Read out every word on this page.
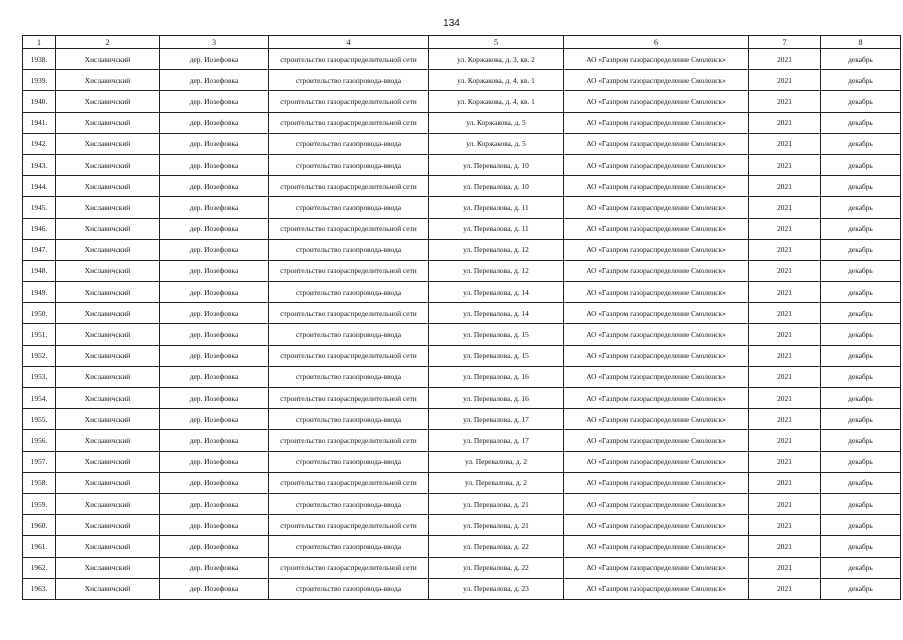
134
1	2	3	4	5	6	7	8
1938.	Хиславичский	дер. Иозефовка	строительство газораспределительной сети	ул. Коржакова, д. 3, кв. 2	АО «Газпром газораспределение Смоленск»	2021	декабрь
1939.	Хиславичский	дер. Иозефовка	строительство газопровода-ввода	ул. Коржакова, д. 4, кв. 1	АО «Газпром газораспределение Смоленск»	2021	декабрь
1940.	Хиславичский	дер. Иозефовка	строительство газораспределительной сети	ул. Коржакова, д. 4, кв. 1	АО «Газпром газораспределение Смоленск»	2021	декабрь
1941.	Хиславичский	дер. Иозефовка	строительство газораспределительной сети	ул. Коржакова, д. 5	АО «Газпром газораспределение Смоленск»	2021	декабрь
1942.	Хиславичский	дер. Иозефовка	строительство газопровода-ввода	ул. Коржакова, д. 5	АО «Газпром газораспределение Смоленск»	2021	декабрь
1943.	Хиславичский	дер. Иозефовка	строительство газопровода-ввода	ул. Перевалова, д. 10	АО «Газпром газораспределение Смоленск»	2021	декабрь
1944.	Хиславичский	дер. Иозефовка	строительство газораспределительной сети	ул. Перевалова, д. 10	АО «Газпром газораспределение Смоленск»	2021	декабрь
1945.	Хиславичский	дер. Иозефовка	строительство газопровода-ввода	ул. Перевалова, д. 11	АО «Газпром газораспределение Смоленск»	2021	декабрь
1946.	Хиславичский	дер. Иозефовка	строительство газораспределительной сети	ул. Перевалова, д. 11	АО «Газпром газораспределение Смоленск»	2021	декабрь
1947.	Хиславичский	дер. Иозефовка	строительство газопровода-ввода	ул. Перевалова, д. 12	АО «Газпром газораспределение Смоленск»	2021	декабрь
1948.	Хиславичский	дер. Иозефовка	строительство газораспределительной сети	ул. Перевалова, д. 12	АО «Газпром газораспределение Смоленск»	2021	декабрь
1949.	Хиславичский	дер. Иозефовка	строительство газопровода-ввода	ул. Перевалова, д. 14	АО «Газпром газораспределение Смоленск»	2021	декабрь
1950.	Хиславичский	дер. Иозефовка	строительство газораспределительной сети	ул. Перевалова, д. 14	АО «Газпром газораспределение Смоленск»	2021	декабрь
1951.	Хиславичский	дер. Иозефовка	строительство газопровода-ввода	ул. Перевалова, д. 15	АО «Газпром газораспределение Смоленск»	2021	декабрь
1952.	Хиславичский	дер. Иозефовка	строительство газораспределительной сети	ул. Перевалова, д. 15	АО «Газпром газораспределение Смоленск»	2021	декабрь
1953.	Хиславичский	дер. Иозефовка	строительство газопровода-ввода	ул. Перевалова, д. 16	АО «Газпром газораспределение Смоленск»	2021	декабрь
1954.	Хиславичский	дер. Иозефовка	строительство газораспределительной сети	ул. Перевалова, д. 16	АО «Газпром газораспределение Смоленск»	2021	декабрь
1955.	Хиславичский	дер. Иозефовка	строительство газопровода-ввода	ул. Перевалова, д. 17	АО «Газпром газораспределение Смоленск»	2021	декабрь
1956.	Хиславичский	дер. Иозефовка	строительство газораспределительной сети	ул. Перевалова, д. 17	АО «Газпром газораспределение Смоленск»	2021	декабрь
1957.	Хиславичский	дер. Иозефовка	строительство газопровода-ввода	ул. Перевалова, д. 2	АО «Газпром газораспределение Смоленск»	2021	декабрь
1958.	Хиславичский	дер. Иозефовка	строительство газораспределительной сети	ул. Перевалова, д. 2	АО «Газпром газораспределение Смоленск»	2021	декабрь
1959.	Хиславичский	дер. Иозефовка	строительство газопровода-ввода	ул. Перевалова, д. 21	АО «Газпром газораспределение Смоленск»	2021	декабрь
1960.	Хиславичский	дер. Иозефовка	строительство газораспределительной сети	ул. Перевалова, д. 21	АО «Газпром газораспределение Смоленск»	2021	декабрь
1961.	Хиславичский	дер. Иозефовка	строительство газопровода-ввода	ул. Перевалова, д. 22	АО «Газпром газораспределение Смоленск»	2021	декабрь
1962.	Хиславичский	дер. Иозефовка	строительство газораспределительной сети	ул. Перевалова, д. 22	АО «Газпром газораспределение Смоленск»	2021	декабрь
1963.	Хиславичский	дер. Иозефовка	строительство газопровода-ввода	ул. Перевалова, д. 23	АО «Газпром газораспределение Смоленск»	2021	декабрь
